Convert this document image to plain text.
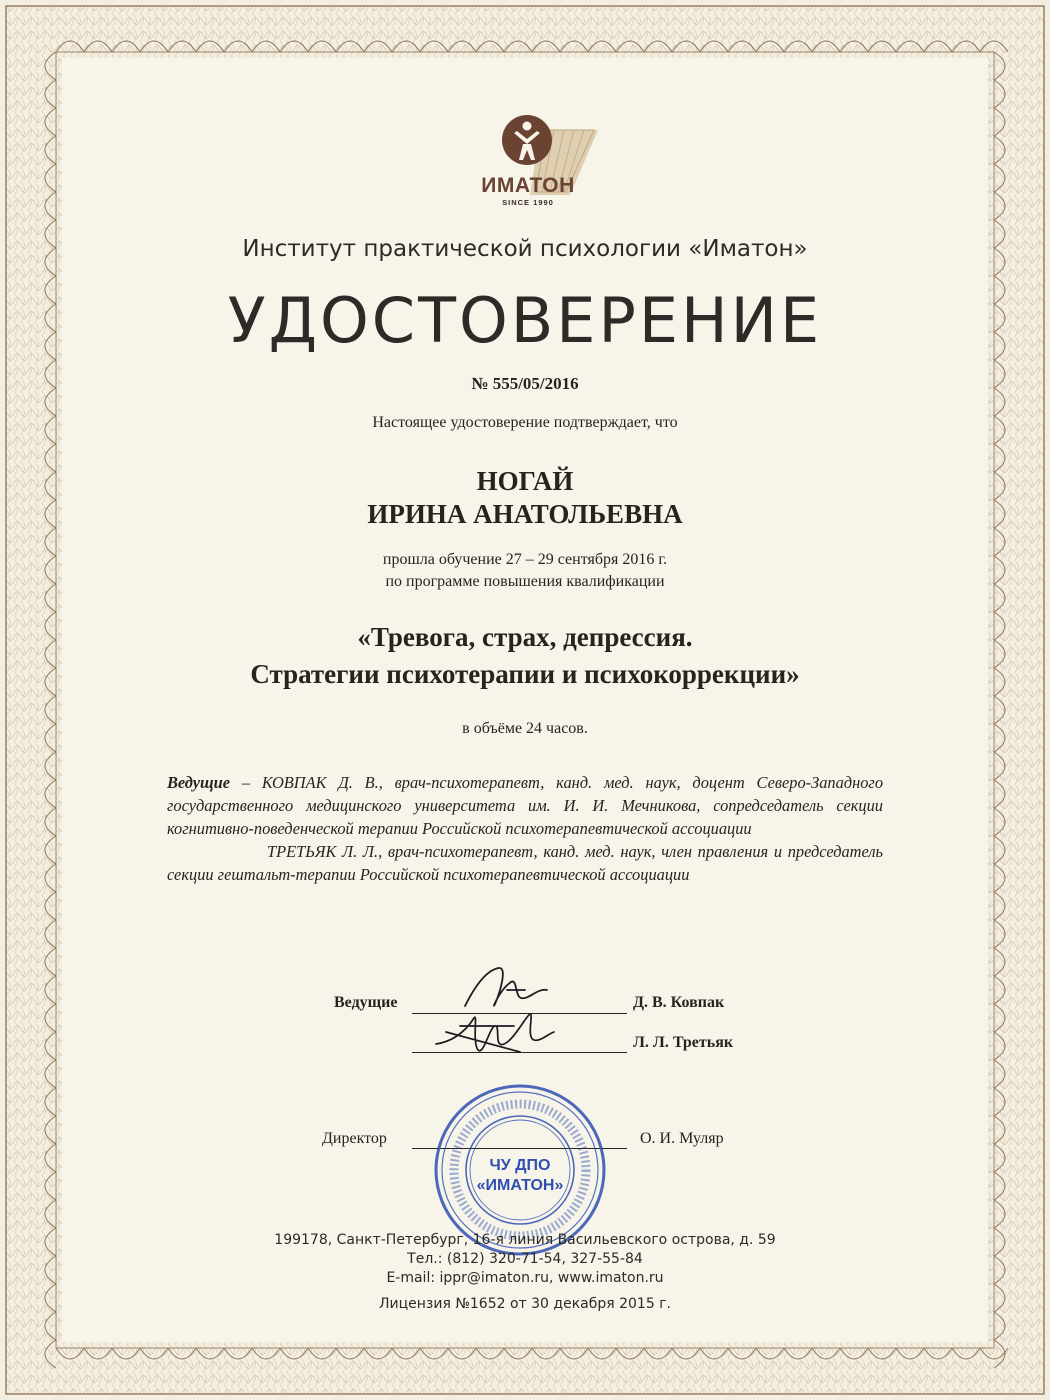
ИМАТОН
SINCE 1990
Институт практической психологии «Иматон»
УДОСТОВЕРЕНИЕ
№ 555/05/2016
Настоящее удостоверение подтверждает, что
НОГАЙ
ИРИНА АНАТОЛЬЕВНА
прошла обучение 27 – 29 сентября 2016 г.
по программе повышения квалификации
«Тревога, страх, депрессия.
Стратегии психотерапии и психокоррекции»
в объёме 24 часов.

Ведущие – КОВПАК Д. В., врач-психотерапевт, канд. мед. наук, доцент Северо-Западного государственного медицинского университета им. И. И. Мечникова, сопредседатель секции когнитивно-поведенческой терапии Российской психотерапевтической ассоциации

ТРЕТЬЯК Л. Л., врач-психотерапевт, канд. мед. наук, член правления и председатель секции гештальт-терапии Российской психотерапевтической ассоциации

Ведущие	Д. В. Ковпак
Л. Л. Третьяк
Директор	О. И. Муляр
ЧУ ДПО
«ИМАТОН»
199178, Санкт-Петербург, 16-я линия Васильевского острова, д. 59
Тел.: (812) 320-71-54, 327-55-84
E-mail: ippr@imaton.ru, www.imaton.ru
Лицензия №1652 от 30 декабря 2015 г.
